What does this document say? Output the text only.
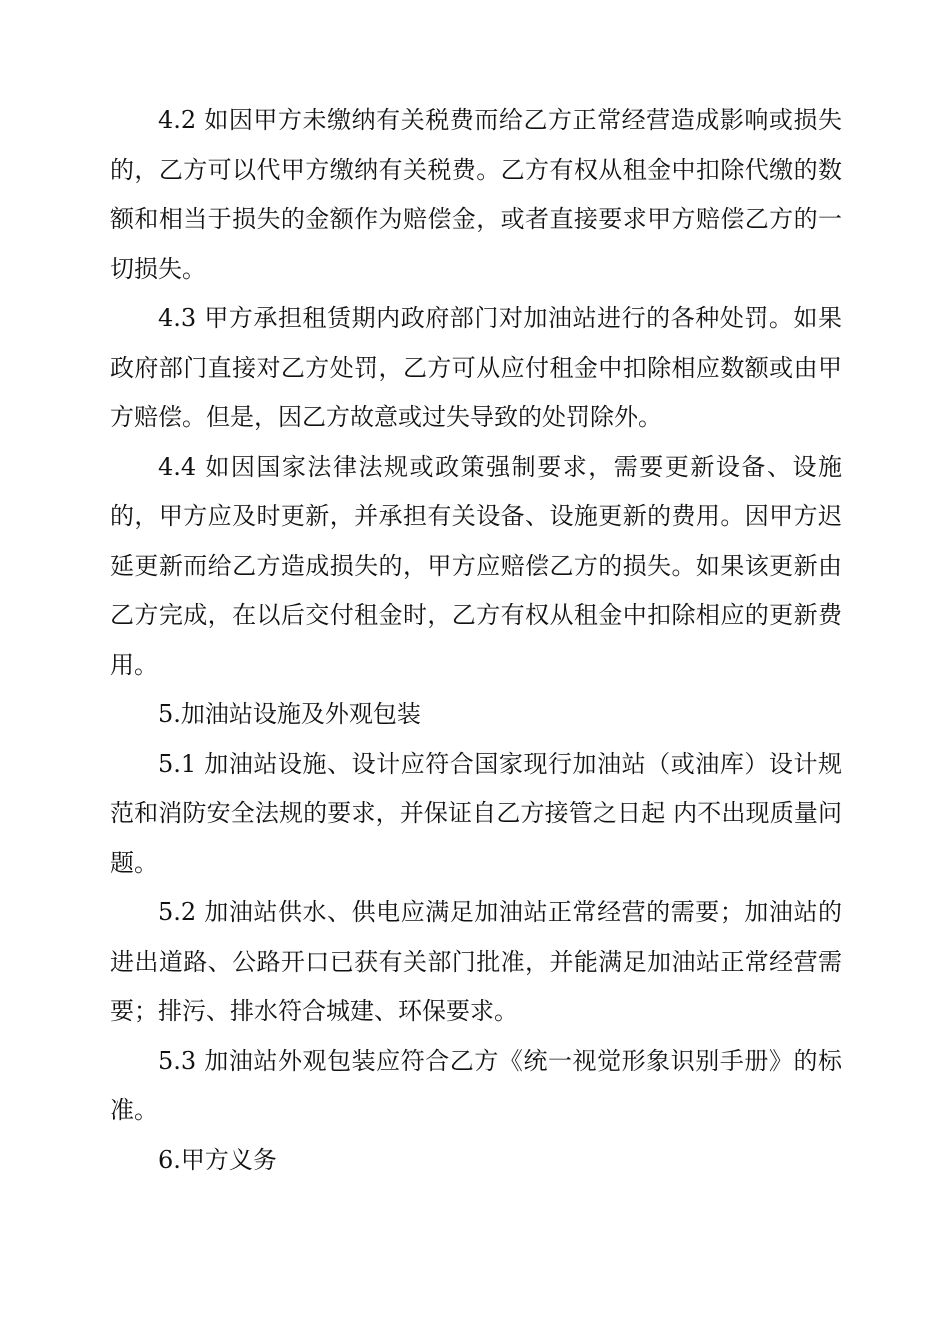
4.2 如因甲方未缴纳有关税费而给乙方正常经营造成影响或损失的，乙方可以代甲方缴纳有关税费。乙方有权从租金中扣除代缴的数额和相当于损失的金额作为赔偿金，或者直接要求甲方赔偿乙方的一切损失。

4.3 甲方承担租赁期内政府部门对加油站进行的各种处罚。如果政府部门直接对乙方处罚，乙方可从应付租金中扣除相应数额或由甲方赔偿。但是，因乙方故意或过失导致的处罚除外。

4.4 如因国家法律法规或政策强制要求，需要更新设备、设施的，甲方应及时更新，并承担有关设备、设施更新的费用。因甲方迟延更新而给乙方造成损失的，甲方应赔偿乙方的损失。如果该更新由乙方完成，在以后交付租金时，乙方有权从租金中扣除相应的更新费用。

5.加油站设施及外观包装

5.1 加油站设施、设计应符合国家现行加油站（或油库）设计规范和消防安全法规的要求，并保证自乙方接管之日起 内不出现质量问题。

5.2 加油站供水、供电应满足加油站正常经营的需要；加油站的进出道路、公路开口已获有关部门批准，并能满足加油站正常经营需要；排污、排水符合城建、环保要求。

5.3 加油站外观包装应符合乙方《统一视觉形象识别手册》的标准。

6.甲方义务
